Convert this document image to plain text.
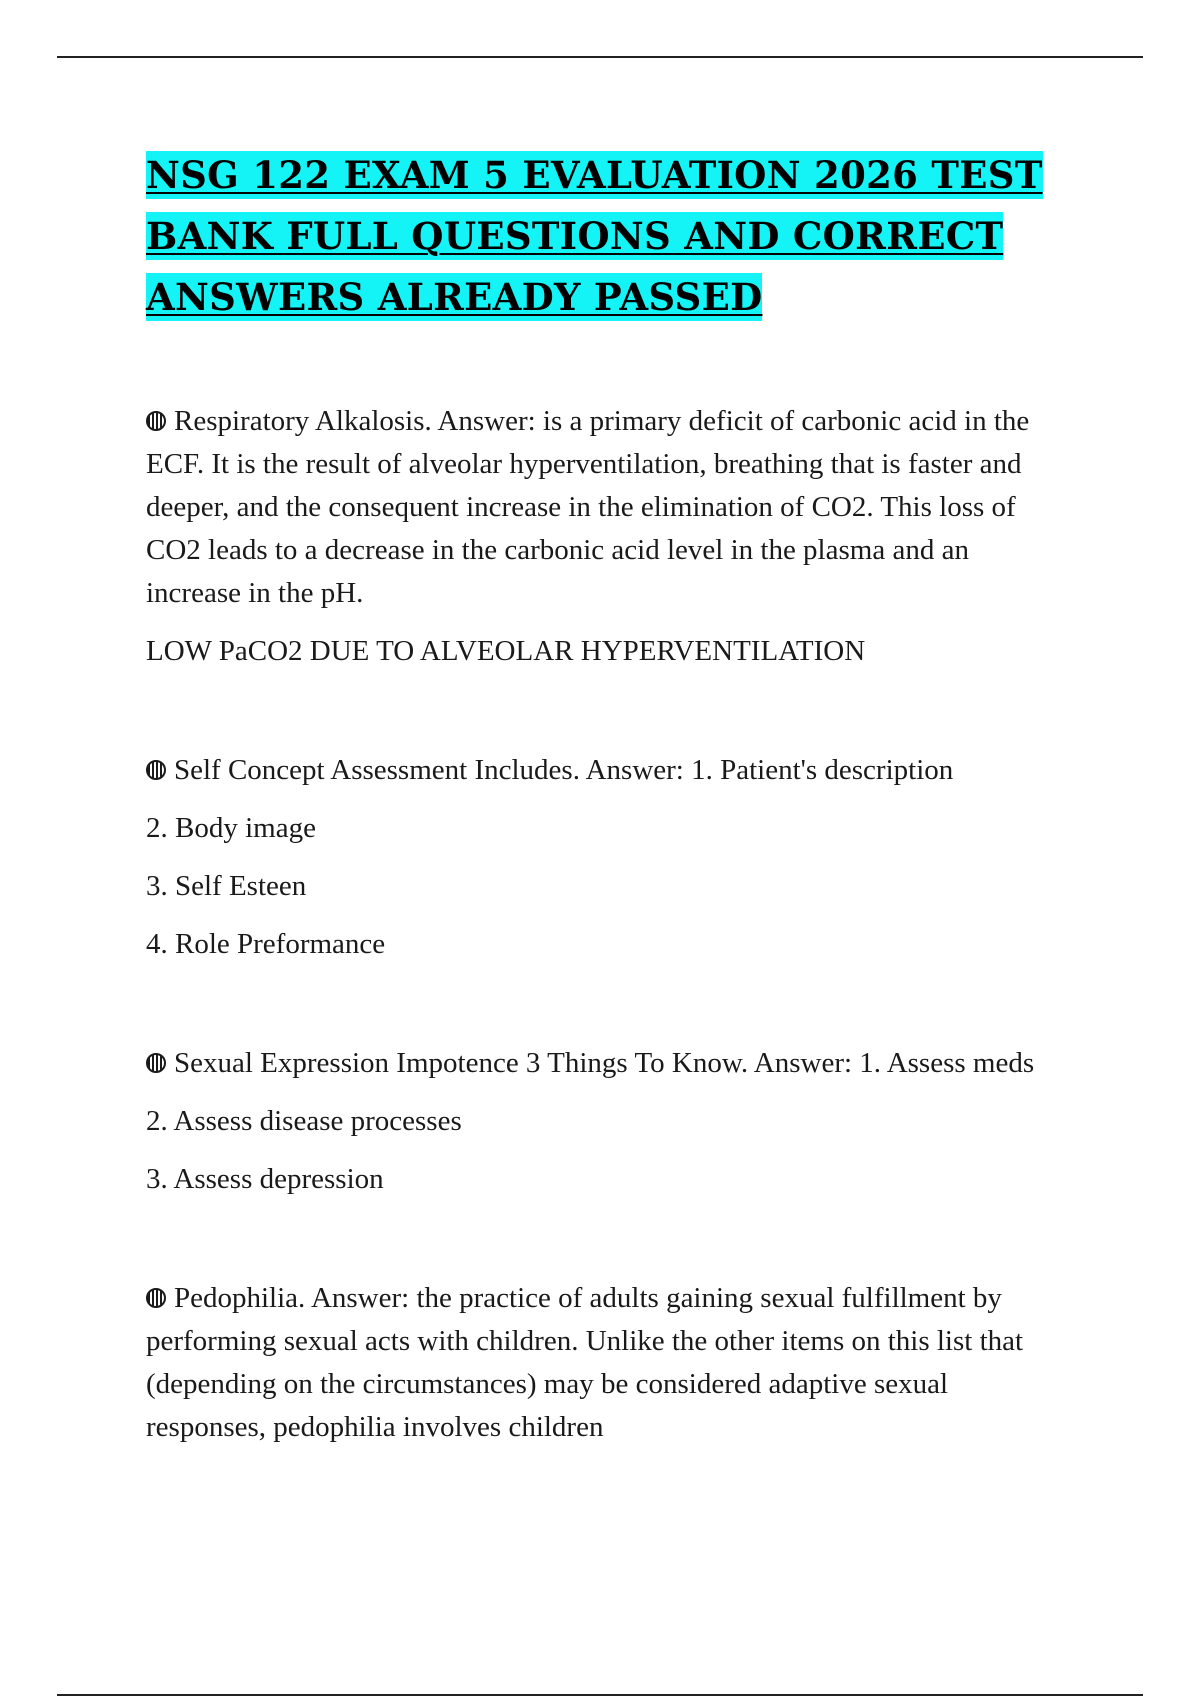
NSG 122 EXAM 5 EVALUATION 2026 TEST
BANK FULL QUESTIONS AND CORRECT
ANSWERS ALREADY PASSED

Respiratory Alkalosis. Answer: is a primary deficit of carbonic acid in the ECF. It is the result of alveolar hyperventilation, breathing that is faster and deeper, and the consequent increase in the elimination of CO2. This loss of CO2 leads to a decrease in the carbonic acid level in the plasma and an increase in the pH.

LOW PaCO2 DUE TO ALVEOLAR HYPERVENTILATION

Self Concept Assessment Includes. Answer: 1. Patient's description

2. Body image

3. Self Esteen

4. Role Preformance

Sexual Expression Impotence 3 Things To Know. Answer: 1. Assess meds

2. Assess disease processes

3. Assess depression

Pedophilia. Answer: the practice of adults gaining sexual fulfillment by performing sexual acts with children. Unlike the other items on this list that (depending on the circumstances) may be considered adaptive sexual responses, pedophilia involves children
